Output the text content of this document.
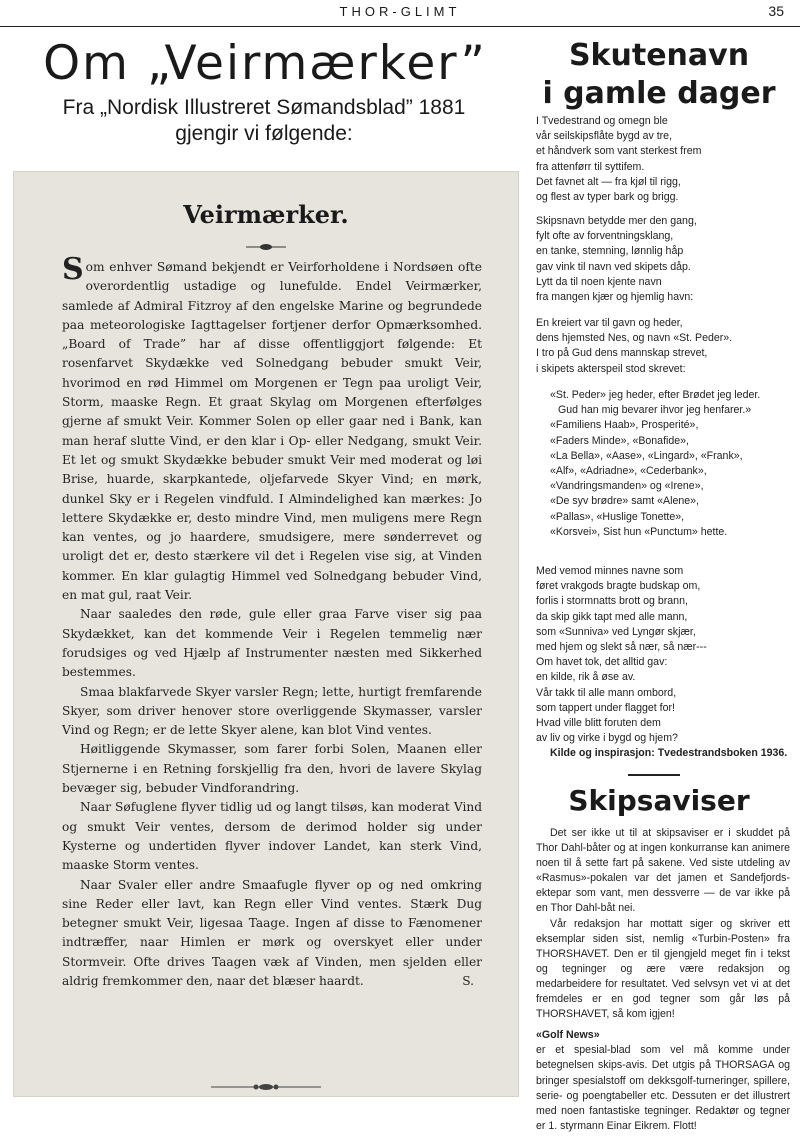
THOR-GLIMT	35
Om „Veirmærker”
Fra „Nordisk Illustreret Sømandsblad” 1881
gjengir vi følgende:
Veirmærker.

Som enhver Sømand bekjendt er Veirforholdene i Nordsøen ofte overordentlig ustadige og lunefulde. Endel Veirmærker, samlede af Admiral Fitzroy af den engelske Marine og begrundede paa meteorologiske Iagttagelser fortjener derfor Opmærksomhed. „Board of Trade” har af disse offentliggjort følgende: Et rosenfarvet Skydække ved Solnedgang bebuder smukt Veir, hvorimod en rød Himmel om Morgenen er Tegn paa uroligt Veir, Storm, maaske Regn. Et graat Skylag om Morgenen efterfølges gjerne af smukt Veir. Kommer Solen op eller gaar ned i Bank, kan man heraf slutte Vind, er den klar i Op- eller Nedgang, smukt Veir. Et let og smukt Skydække bebuder smukt Veir med moderat og løi Brise, huarde, skarpkantede, oljefarvede Skyer Vind; en mørk, dunkel Sky er i Regelen vindfuld. I Almindelighed kan mærkes: Jo lettere Skydække er, desto mindre Vind, men muligens mere Regn kan ventes, og jo haardere, smudsigere, mere sønderrevet og uroligt det er, desto stærkere vil det i Regelen vise sig, at Vinden kommer. En klar gulagtig Himmel ved Solnedgang bebuder Vind, en mat gul, raat Veir.

Naar saaledes den røde, gule eller graa Farve viser sig paa Skydækket, kan det kommende Veir i Regelen temmelig nær forudsiges og ved Hjælp af Instrumenter næsten med Sikkerhed bestemmes.

Smaa blakfarvede Skyer varsler Regn; lette, hurtigt fremfarende Skyer, som driver henover store overliggende Skymasser, varsler Vind og Regn; er de lette Skyer alene, kan blot Vind ventes.

Høitliggende Skymasser, som farer forbi Solen, Maanen eller Stjernerne i en Retning forskjellig fra den, hvori de lavere Skylag bevæger sig, bebuder Vindforandring.

Naar Søfuglene flyver tidlig ud og langt tilsøs, kan moderat Vind og smukt Veir ventes, dersom de derimod holder sig under Kysterne og undertiden flyver indover Landet, kan sterk Vind, maaske Storm ventes.

Naar Svaler eller andre Smaafugle flyver op og ned omkring sine Reder eller lavt, kan Regn eller Vind ventes. Stærk Dug betegner smukt Veir, ligesaa Taage. Ingen af disse to Fænomener indtræffer, naar Himlen er mørk og overskyet eller under Stormveir. Ofte drives Taagen væk af Vinden, men sjelden eller aldrig fremkommer den, naar det blæser haardt.	S.

Skutenavn
i gamle dager
I Tvedestrand og omegn ble
vår seilskipsflåte bygd av tre,
et håndverk som vant sterkest frem
fra attenførr til syttifem.
Det favnet alt — fra kjøl til rigg,
og flest av typer bark og brigg.
Skipsnavn betydde mer den gang,
fylt ofte av forventningsklang,
en tanke, stemning, lønnlig håp
gav vink til navn ved skipets dåp.
Lytt da til noen kjente navn
fra mangen kjær og hjemlig havn:
En kreiert var til gavn og heder,
dens hjemsted Nes, og navn «St. Peder».
I tro på Gud dens mannskap strevet,
i skipets akterspeil stod skrevet:
«St. Peder» jeg heder, efter Brødet jeg leder.
Gud han mig bevarer ihvor jeg henfarer.»
«Familiens Haab», Prosperité»,
«Faders Minde», «Bonafide»,
«La Bella», «Aase», «Lingard», «Frank»,
«Alf», «Adriadne», «Cederbank»,
«Vandringsmanden» og «Irene»,
«De syv brødre» samt «Alene»,
«Pallas», «Huslige Tonette»,
«Korsvei», Sist hun «Punctum» hette.
Med vemod minnes navne som
føret vrakgods bragte budskap om,
forlis i stormnatts brott og brann,
da skip gikk tapt med alle mann,
som «Sunniva» ved Lyngør skjær,
med hjem og slekt så nær, så nær---
Om havet tok, det alltid gav:
en kilde, rik å øse av.
Vår takk til alle mann ombord,
som tappert under flagget for!
Hvad ville blitt foruten dem
av liv og virke i bygd og hjem?
Kilde og inspirasjon: Tvedestrandsboken 1936.
Skipsaviser

Det ser ikke ut til at skipsaviser er i skuddet på Thor Dahl-båter og at ingen konkurranse kan animere noen til å sette fart på sakene. Ved siste utdeling av «Rasmus»-pokalen var det jamen et Sandefjords-ektepar som vant, men dessverre — de var ikke på en Thor Dahl-båt nei.

Vår redaksjon har mottatt siger og skriver ett eksemplar siden sist, nemlig «Turbin-Posten» fra THORSHAVET. Den er til gjengjeld meget fin i tekst og tegninger og ære være redaksjon og medarbeidere for resultatet. Ved selvsyn vet vi at det fremdeles er en god tegner som går løs på THORSHAVET, så kom igjen!

«Golf News»

er et spesial-blad som vel må komme under betegnelsen skips-avis. Det utgis på THORSAGA og bringer spesialstoff om dekksgolf-turneringer, spillere, serie- og poengtabeller etc. Dessuten er det illustrert med noen fantastiske tegninger. Redaktør og tegner er 1. styrmann Einar Eikrem. Flott!
